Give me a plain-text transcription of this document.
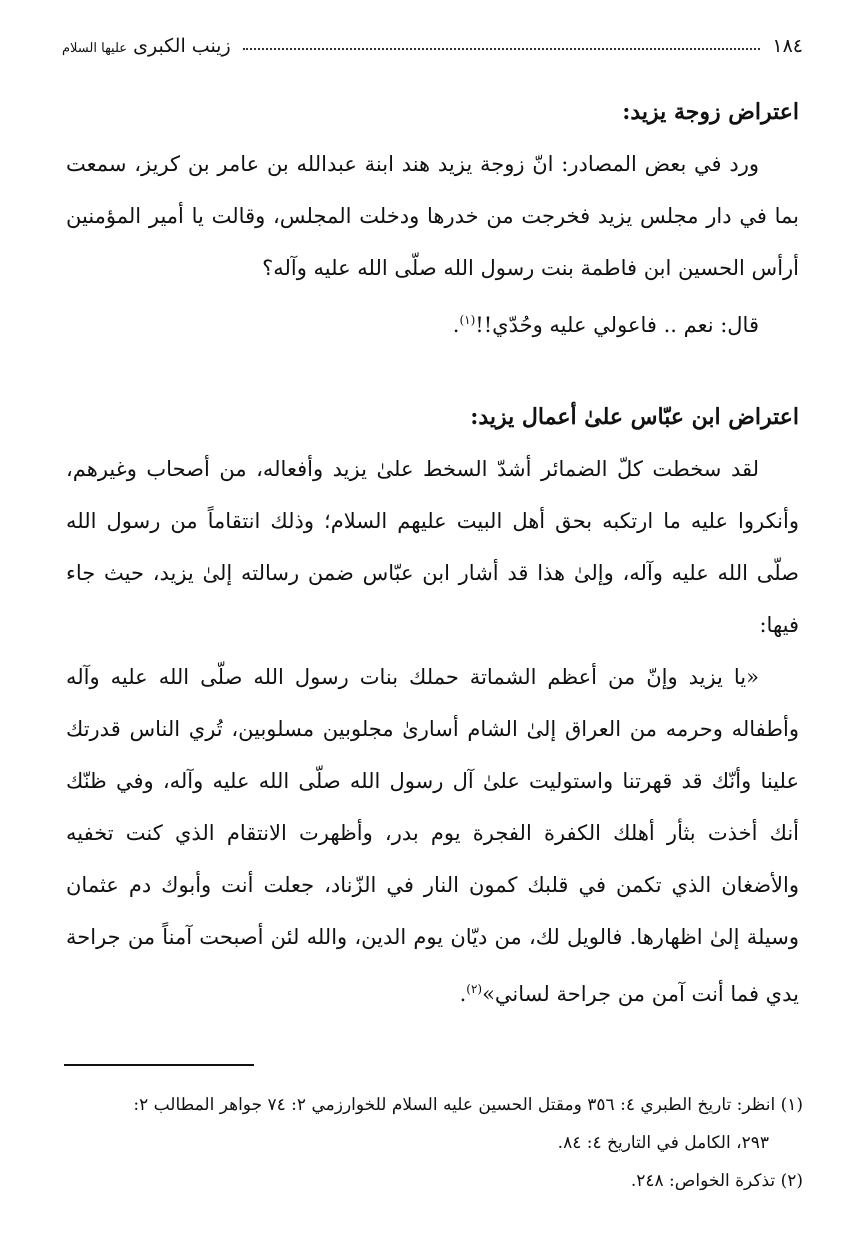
١٨٤
زينب الكبرى عليها السلام
اعتراض زوجة يزيد:

ورد في بعض المصادر: انّ زوجة يزيد هند ابنة عبدالله بن عامر بن كريز، سمعت بما في دار مجلس يزيد فخرجت من خدرها ودخلت المجلس، وقالت يا أمير المؤمنين أرأس الحسين ابن فاطمة بنت رسول الله صلّى الله عليه وآله؟

قال: نعم .. فاعولي عليه وحُدّي!!$^{(١)}$.

اعتراض ابن عبّاس علىٰ أعمال يزيد:

لقد سخطت كلّ الضمائر أشدّ السخط علىٰ يزيد وأفعاله، من أصحاب وغيرهم، وأنكروا عليه ما ارتكبه بحق أهل البيت عليهم السلام؛ وذلك انتقاماً من رسول الله صلّى الله عليه وآله، وإلىٰ هذا قد أشار ابن عبّاس ضمن رسالته إلىٰ يزيد، حيث جاء فيها:

«يا يزيد وإنّ من أعظم الشماتة حملك بنات رسول الله صلّى الله عليه وآله وأطفاله وحرمه من العراق إلىٰ الشام أسارىٰ مجلوبين مسلوبين، تُري الناس قدرتك علينا وأنّك قد قهرتنا واستوليت علىٰ آل رسول الله صلّى الله عليه وآله، وفي ظنّك أنك أخذت بثأر أهلك الكفرة الفجرة يوم بدر، وأظهرت الانتقام الذي كنت تخفيه والأضغان الذي تكمن في قلبك كمون النار في الزّناد، جعلت أنت وأبوك دم عثمان وسيلة إلىٰ اظهارها. فالويل لك، من ديّان يوم الدين، والله لئن أصبحت آمناً من جراحة يدي فما أنت آمن من جراحة لساني»$^{(٢)}$.

(١) انظر: تاريخ الطبري ٤: ٣٥٦ ومقتل الحسين عليه السلام للخوارزمي ٢: ٧٤ جواهر المطالب ٢:

٢٩٣، الكامل في التاريخ ٤: ٨٤.

(٢) تذكرة الخواص: ٢٤٨.
